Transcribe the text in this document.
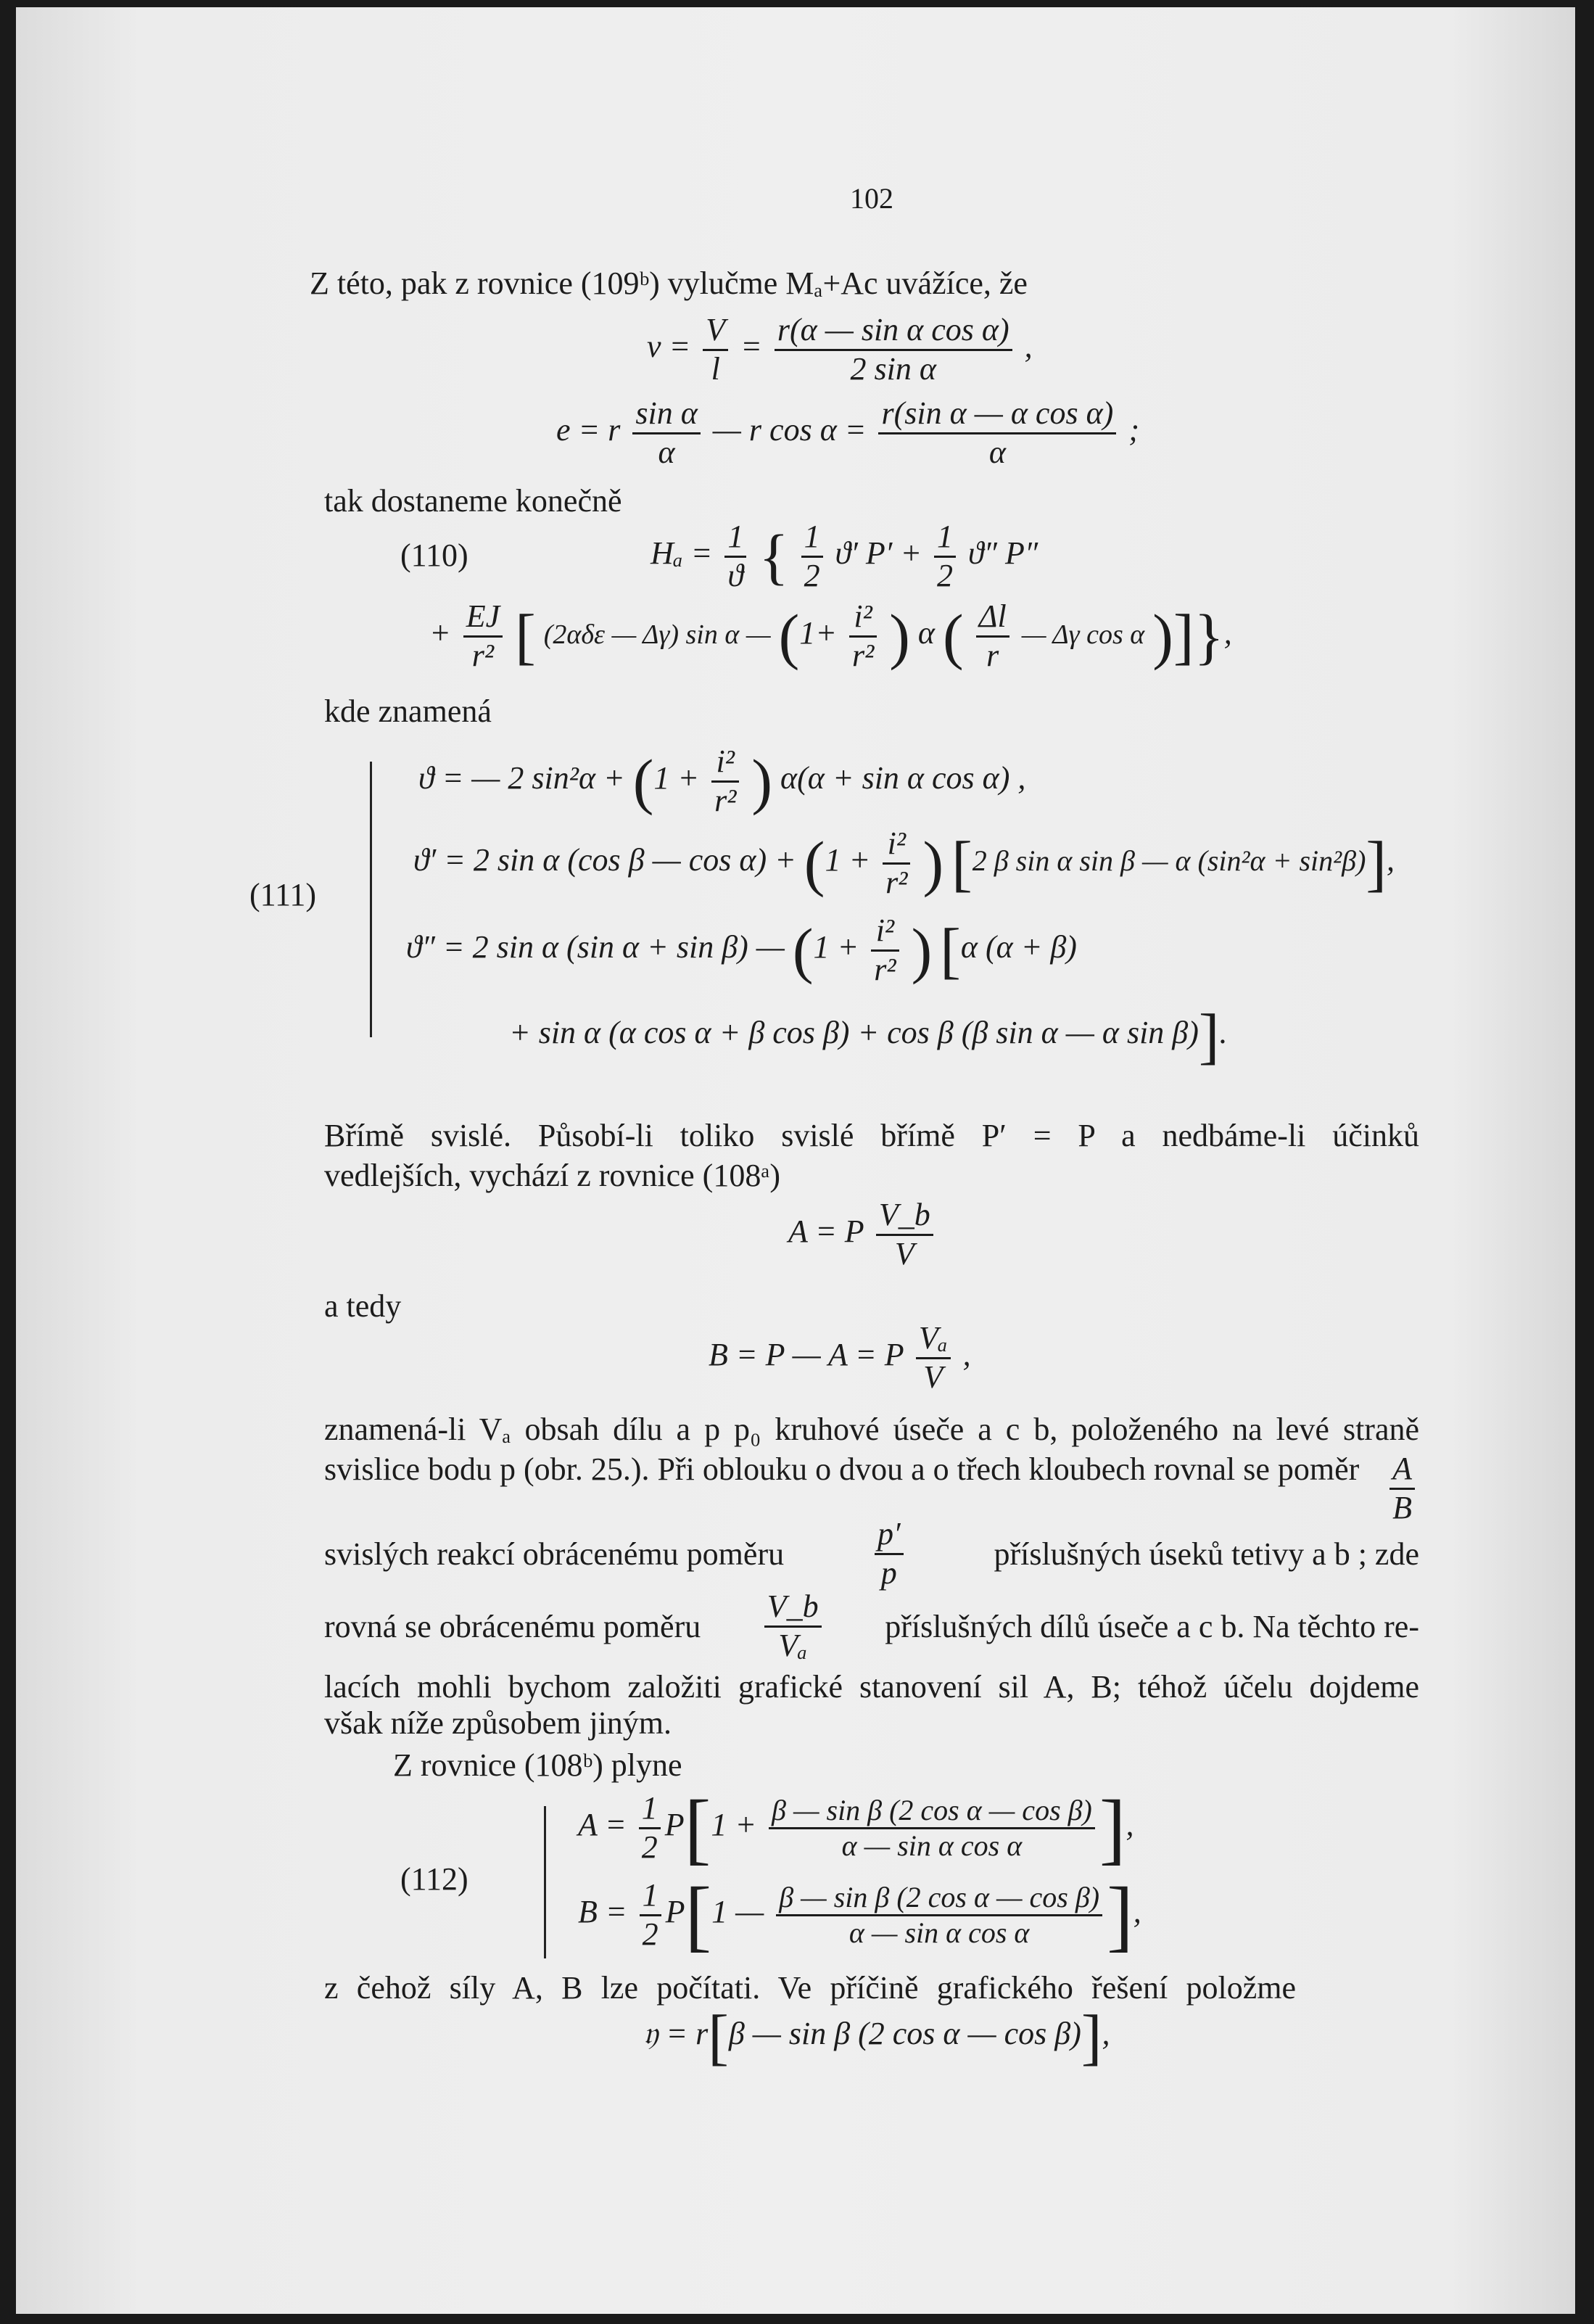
102
Z této, pak z rovnice (109ᵇ) vylučme Mₐ+Ac uvážíce, že
$v = \frac{V}{l} = \frac{\text{r(α — sin α cos α)}}{\text{2 sin α}}$ ,
e = r $\frac{\text{sin α}}{\alpha}$ — r $\cos \alpha = \frac{\text{r(sin α — α cos α)}}{\alpha}$ ;
tak dostaneme konečně
(110)	$H_a = \frac{1}{ϑ}$ { $\frac{1}{2} ϑ'$ $P' + \frac{1}{2} ϑ''$ P″
+ $\frac{EJ}{\text{r²}}$ [ (2αδε — Δγ) sin α — ($1+ \frac{\text{i²}}{\text{r²}}$ ) α ( $\frac{\Delta l}{r}$ — Δγ cos α )]},
kde znamená
(111)
ϑ = — 2 $\sin^2\alpha + (1 + \frac{\text{i²}}{\text{r²}}$ ) α(α + sin α cos α) ,
ϑ′ = 2 sin α (cos β — $\cos \alpha) + (1 + \frac{\text{i²}}{\text{r²}}$ ) [2 β sin α sin β — α (sin²α + sin²β)],
ϑ″ = 2 sin α (sin α + sin β) — ($1 + \frac{\text{i²}}{\text{r²}}$ ) [α (α + β)
+ sin α (α cos α + β cos β) + cos β (β sin α — α sin β)].
Břímě svislé. Působí-li toliko svislé břímě P′ = P a nedbáme-li účinků
vedlejších, vychází z rovnice (108ᵃ)
A = P $\frac{V\_b}{V}$
a tedy
B = P — A = P $\frac{\text{Vₐ}}{V}$ ,
znamená-li Vₐ obsah dílu a p p₀ kruhové úseče a c b, položeného na levé straně
svislice bodu p (obr. 25.). Při oblouku o dvou a o třech kloubech rovnal se poměr A
B
svislých reakcí obrácenému poměru
p′
p
příslušných úseků tetivy a b ; zde
rovná se obrácenému poměru
V_b
Vₐ
příslušných dílů úseče a c b. Na těchto re-
lacích mohli bychom založiti grafické stanovení sil A, B; téhož účelu dojdeme
však níže způsobem jiným.
Z rovnice (108ᵇ) plyne
(112)
$A = \frac{1}{2} P[1 + \frac{\text{β — sin β (2 cos α — cos β)}}{\text{α — sin α cos α}}$ ],
$B = \frac{1}{2} P[1$ — $\frac{\text{β — sin β (2 cos α — cos β)}}{\text{α — sin α cos α}}$ ],
z čehož síly A, B lze počítati. Ve příčině grafického řešení položme
𝔶 = r[β — sin β (2 cos α — cos β)],
